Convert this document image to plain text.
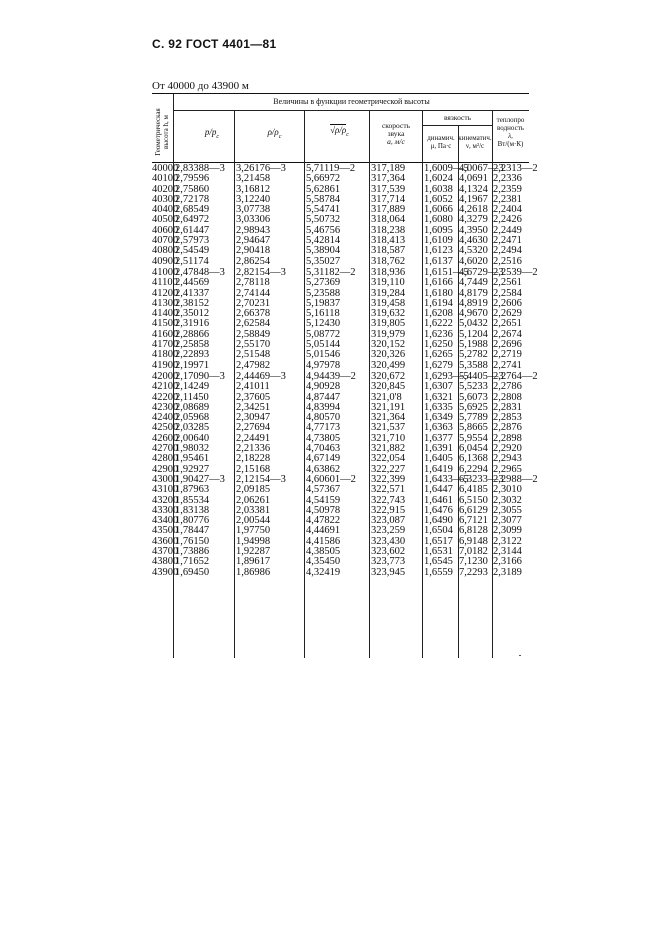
С. 92 ГОСТ 4401—81
От 40000 до 43900 м
Геометрическая высота h, м
Величины в функции геометрической высоты
$p/p_c$	$\rho/\rho_c$
$√\rho/\rho_c$
скорость
звука
a, м/с
вязкость
динамич.
μ, Па·с
кинематич.
ν, м²/с
теплопро
водность
λ,
Вт/(м·К)
40000
40100
40200
40300
40400
40500
40600
40700
40800
40900
2,83388—3
2,79596
2,75860
2,72178
2,68549
2,64972
2,61447
2,57973
2,54549
2,51174
3,26176—3
3,21458
3,16812
3,12240
3,07738
3,03306
2,98943
2,94647
2,90418
2,86254
5,71119—2
5,66972
5,62861
5,58784
5,54741
5,50732
5,46756
5,42814
5,38904
5,35027
317,189
317,364
317,539
317,714
317,889
318,064
318,238
318,413
318,587
318,762
1,6009—5
1,6024
1,6038
1,6052
1,6066
1,6080
1,6095
1,6109
1,6123
1,6137
4,0067—3
4,0691
4,1324
4,1967
4,2618
4,3279
4,3950
4,4630
4,5320
4,6020
2,2313—2
2,2336
2,2359
2,2381
2,2404
2,2426
2,2449
2,2471
2,2494
2,2516
41000
41100
41200
41300
41400
41500
41600
41700
41800
41900
2,47848—3
2,44569
2,41337
2,38152
2,35012
2,31916
2,28866
2,25858
2,22893
2,19971
2,82154—3
2,78118
2,74144
2,70231
2,66378
2,62584
2,58849
2,55170
2,51548
2,47982
5,31182—2
5,27369
5,23588
5,19837
5,16118
5,12430
5,08772
5,05144
5,01546
4,97978
318,936
319,110
319,284
319,458
319,632
319,805
319,979
320,152
320,326
320,499
1,6151—5
1,6166
1,6180
1,6194
1,6208
1,6222
1,6236
1,6250
1,6265
1,6279
4,6729—3
4,7449
4,8179
4,8919
4,9670
5,0432
5,1204
5,1988
5,2782
5,3588
2,2539—2
2,2561
2,2584
2,2606
2,2629
2,2651
2,2674
2,2696
2,2719
2,2741
42000
42100
42200
42300
42400
42500
42600
42700
42800
42900
2,17090—3
2,14249
2,11450
2,08689
2,05968
2,03285
2,00640
1,98032
1,95461
1,92927
2,44469—3
2,41011
2,37605
2,34251
2,30947
2,27694
2,24491
2,21336
2,18228
2,15168
4,94439—2
4,90928
4,87447
4,83994
4,80570
4,77173
4,73805
4,70463
4,67149
4,63862
320,672
320,845
321,0'8
321,191
321,364
321,537
321,710
321,882
322,054
322,227
1,6293—5
1,6307
1,6321
1,6335
1,6349
1,6363
1,6377
1,6391
1,6405
1,6419
5,4405—3
5,5233
5,6073
5,6925
5,7789
5,8665
5,9554
6,0454
6,1368
6,2294
2,2764—2
2,2786
2,2808
2,2831
2,2853
2,2876
2,2898
2,2920
2,2943
2,2965
43000
43100
43200
43300
43400
43500
43600
43700
43800
43900
1,90427—3
1,87963
1,85534
1,83138
1,80776
1,78447
1,76150
1,73886
1,71652
1,69450
2,12154—3
2,09185
2,06261
2,03381
2,00544
1,97750
1,94998
1,92287
1,89617
1,86986
4,60601—2
4,57367
4,54159
4,50978
4,47822
4,44691
4,41586
4,38505
4,35450
4,32419
322,399
322,571
322,743
322,915
323,087
323,259
323,430
323,602
323,773
323,945
1,6433—5
1,6447
1,6461
1,6476
1,6490
1,6504
1,6517
1,6531
1,6545
1,6559
6,3233—3
6,4185
6,5150
6,6129
6,7121
6,8128
6,9148
7,0182
7,1230
7,2293
2,2988—2
2,3010
2,3032
2,3055
2,3077
2,3099
2,3122
2,3144
2,3166
2,3189
